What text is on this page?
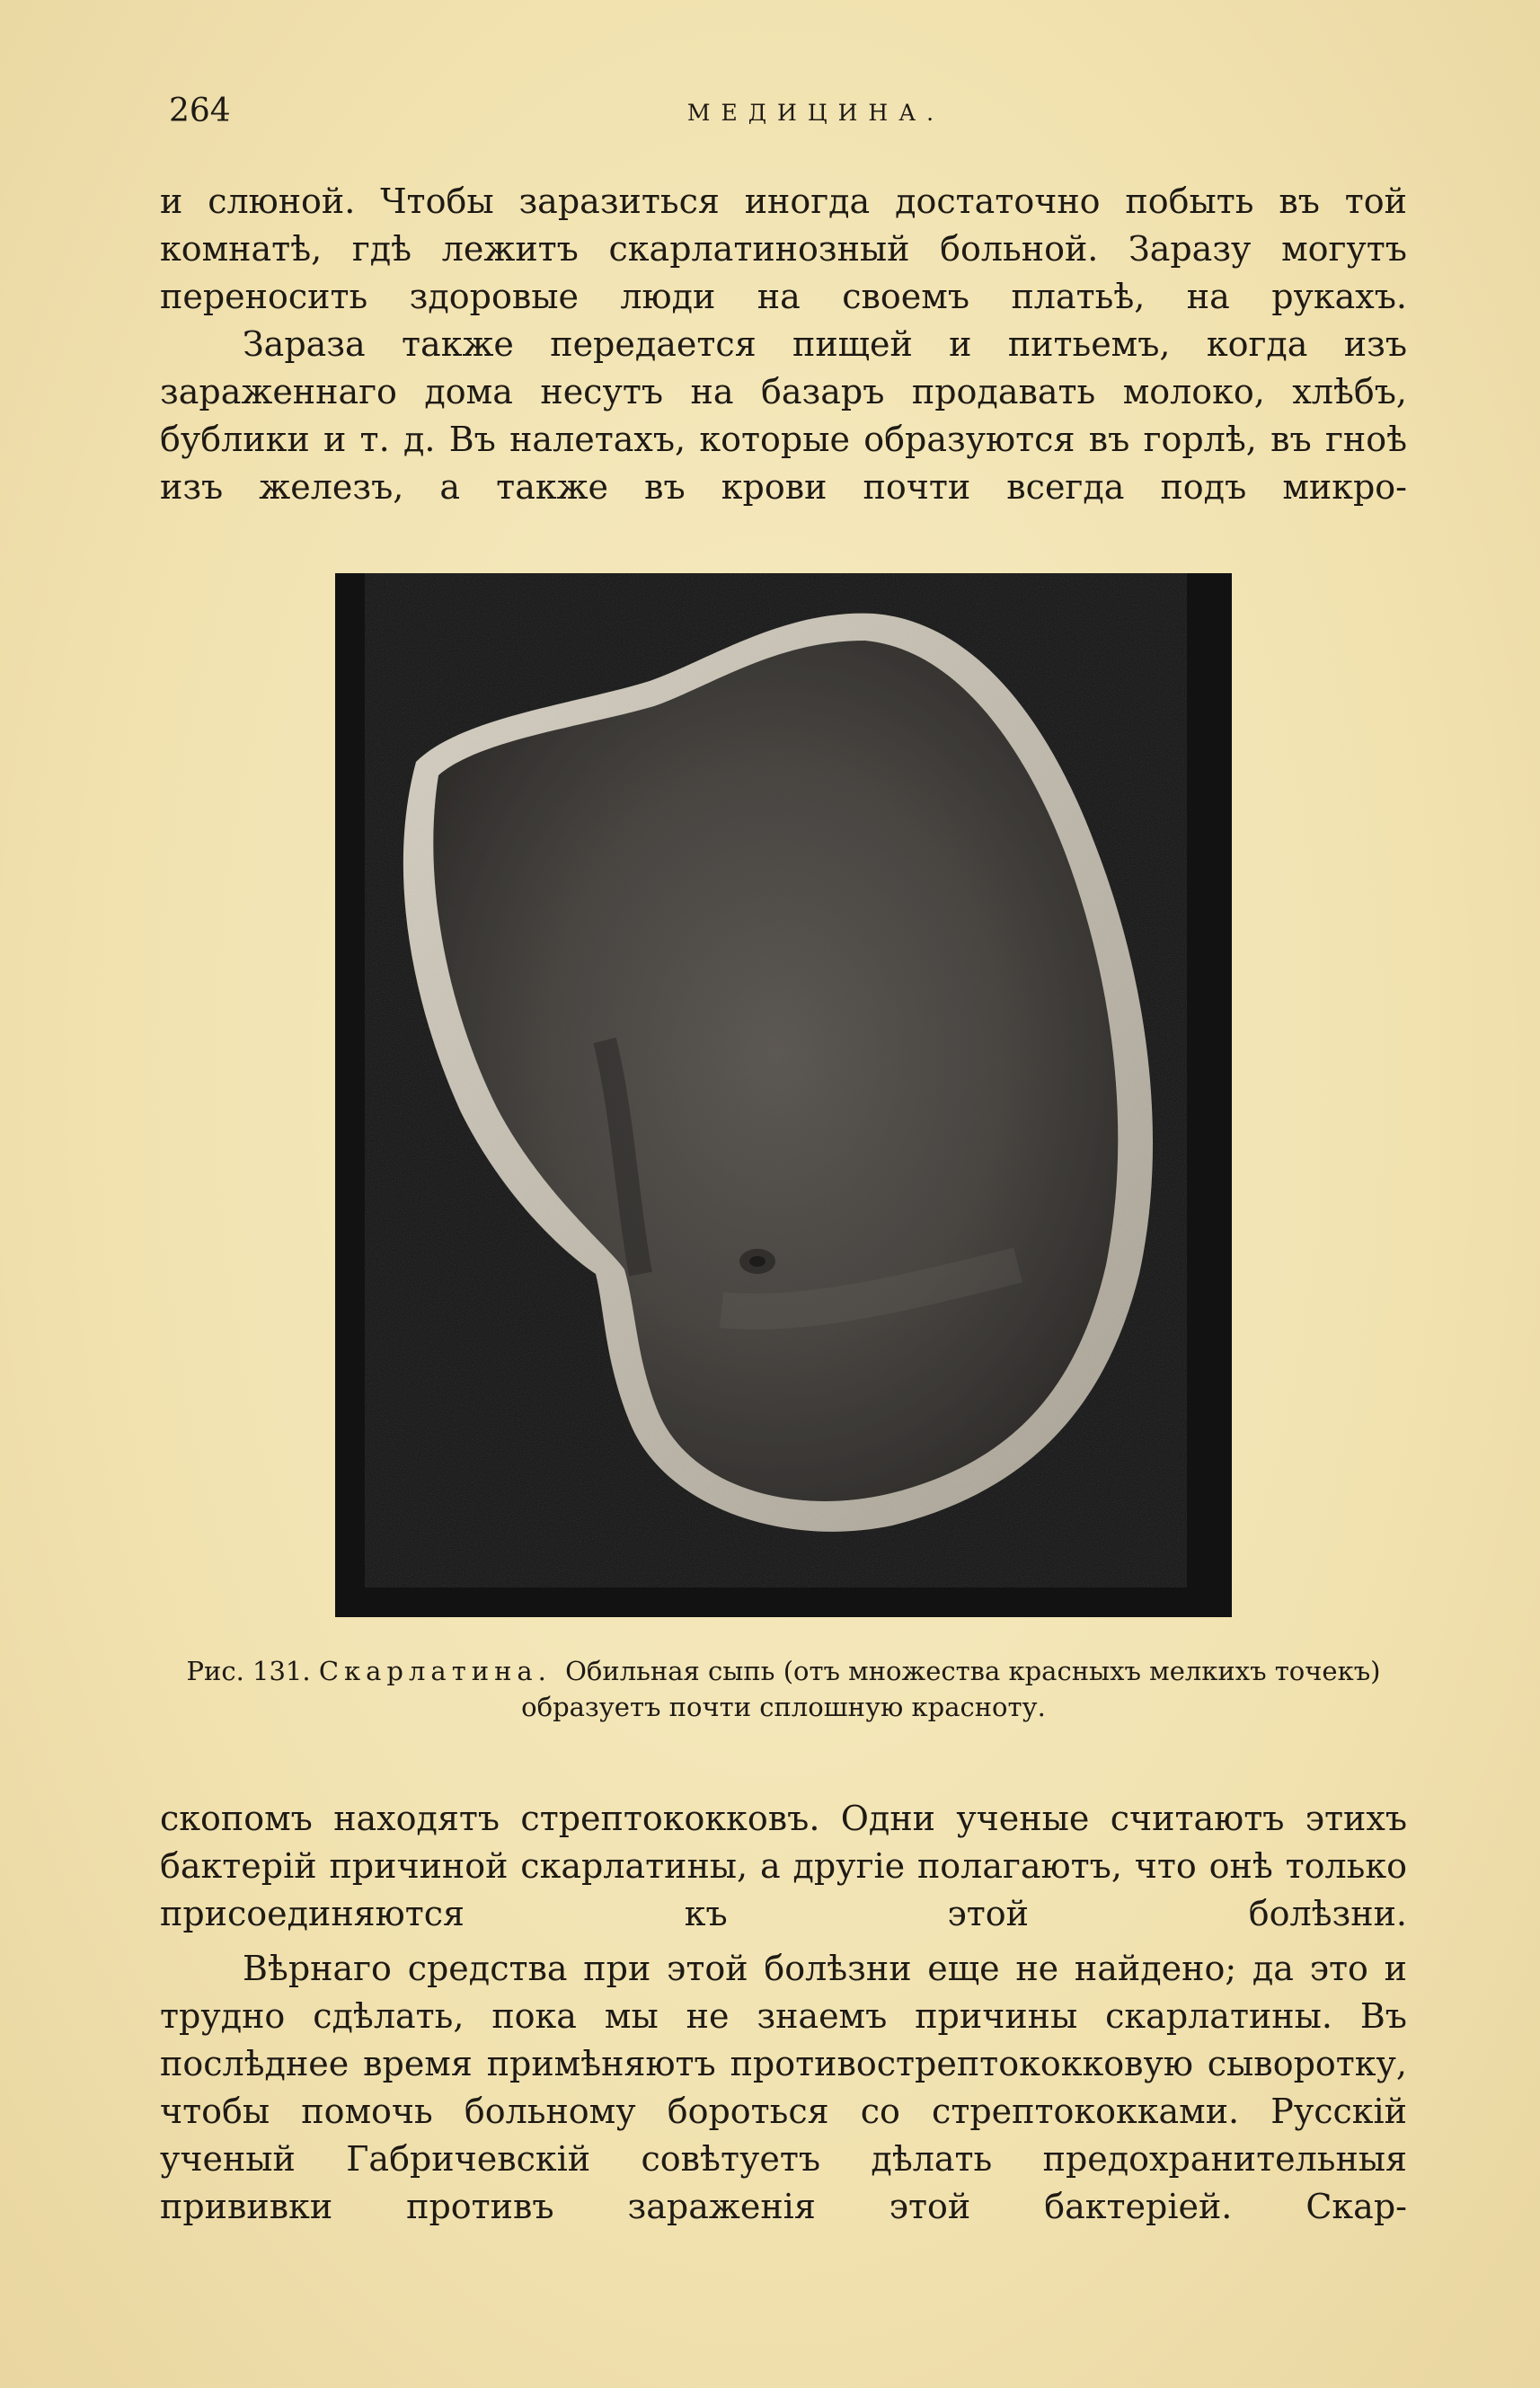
264	МЕДИЦИНА.

и слюной. Чтобы заразиться иногда достаточно побыть въ той комнатѣ, гдѣ лежитъ скарлатинозный больной. Заразу могутъ переносить здоровые люди на своемъ платьѣ, на рукахъ.

Зараза также передается пищей и питьемъ, когда изъ зараженнаго дома несутъ на базаръ продавать молоко, хлѣбъ, бублики и т. д. Въ налетахъ, которые образуются въ горлѣ, въ гноѣ изъ железъ, а также въ крови почти всегда подъ микро-

Рис. 131. Скарлатина. Обильная сыпь (отъ множества красныхъ мелкихъ точекъ) образуетъ почти сплошную красноту.

скопомъ находятъ стрептококковъ. Одни ученые считаютъ этихъ бактерій причиной скарлатины, а другіе полагаютъ, что онѣ только присоединяются къ этой болѣзни.

Вѣрнаго средства при этой болѣзни еще не найдено; да это и трудно сдѣлать, пока мы не знаемъ причины скарлатины. Въ послѣднее время примѣняютъ противострептококковую сыворотку, чтобы помочь больному бороться со стрептококками. Русскій ученый Габричевскій совѣтуетъ дѣлать предохранительныя прививки противъ зараженія этой бактеріей. Скар-
